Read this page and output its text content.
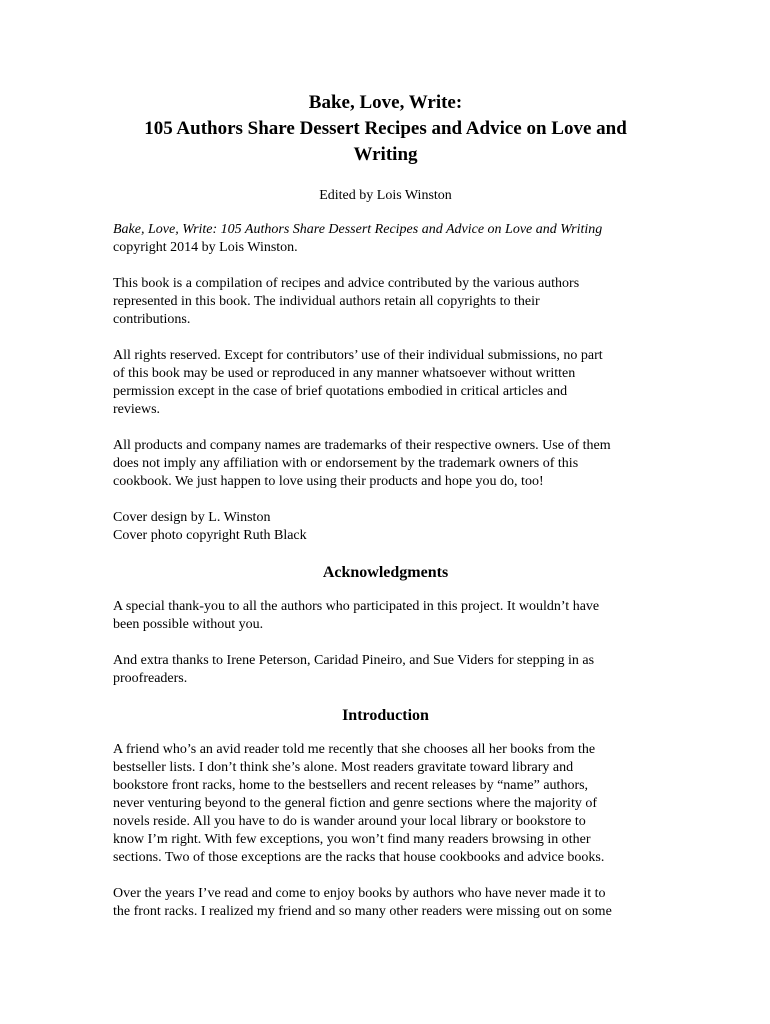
Bake, Love, Write:
105 Authors Share Dessert Recipes and Advice on Love and
Writing
Edited by Lois Winston

Bake, Love, Write: 105 Authors Share Dessert Recipes and Advice on Love and Writing
copyright 2014 by Lois Winston.

This book is a compilation of recipes and advice contributed by the various authors
represented in this book. The individual authors retain all copyrights to their
contributions.

All rights reserved. Except for contributors’ use of their individual submissions, no part
of this book may be used or reproduced in any manner whatsoever without written
permission except in the case of brief quotations embodied in critical articles and
reviews.

All products and company names are trademarks of their respective owners. Use of them
does not imply any affiliation with or endorsement by the trademark owners of this
cookbook. We just happen to love using their products and hope you do, too!

Cover design by L. Winston
Cover photo copyright Ruth Black

Acknowledgments

A special thank-you to all the authors who participated in this project. It wouldn’t have
been possible without you.

And extra thanks to Irene Peterson, Caridad Pineiro, and Sue Viders for stepping in as
proofreaders.

Introduction

A friend who’s an avid reader told me recently that she chooses all her books from the
bestseller lists. I don’t think she’s alone. Most readers gravitate toward library and
bookstore front racks, home to the bestsellers and recent releases by “name” authors,
never venturing beyond to the general fiction and genre sections where the majority of
novels reside. All you have to do is wander around your local library or bookstore to
know I’m right. With few exceptions, you won’t find many readers browsing in other
sections. Two of those exceptions are the racks that house cookbooks and advice books.

Over the years I’ve read and come to enjoy books by authors who have never made it to
the front racks. I realized my friend and so many other readers were missing out on some
